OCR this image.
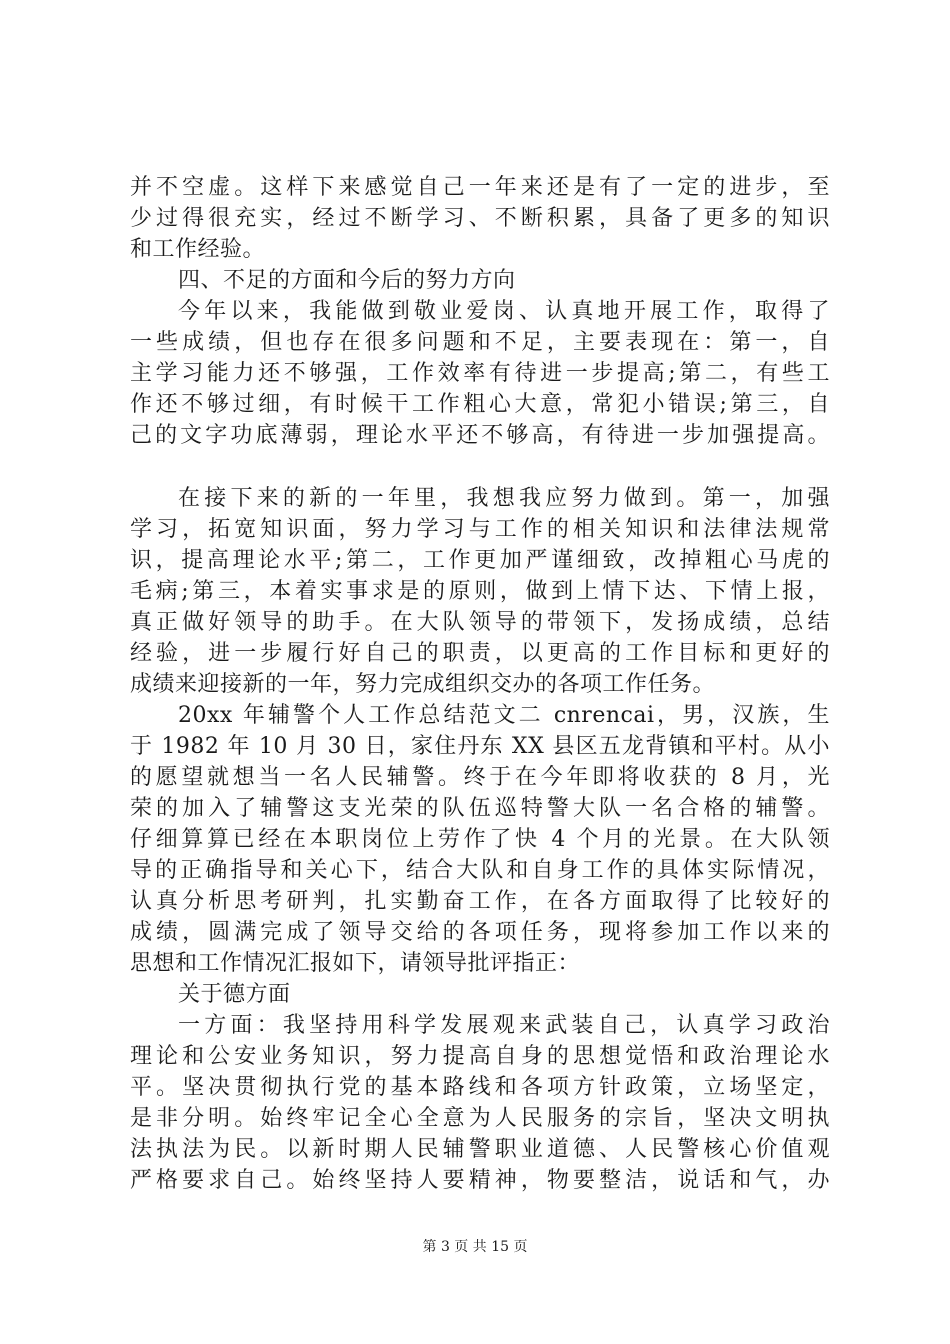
并不空虚。这样下来感觉自己一年来还是有了一定的进步，至
少过得很充实，经过不断学习、不断积累，具备了更多的知识
和工作经验。
四、不足的方面和今后的努力方向
今年以来，我能做到敬业爱岗、认真地开展工作，取得了
一些成绩，但也存在很多问题和不足，主要表现在：第一，自
主学习能力还不够强，工作效率有待进一步提高;第二，有些工
作还不够过细，有时候干工作粗心大意，常犯小错误;第三，自
己的文字功底薄弱，理论水平还不够高，有待进一步加强提高。
在接下来的新的一年里，我想我应努力做到。第一，加强
学习，拓宽知识面，努力学习与工作的相关知识和法律法规常
识，提高理论水平;第二，工作更加严谨细致，改掉粗心马虎的
毛病;第三，本着实事求是的原则，做到上情下达、下情上报，
真正做好领导的助手。在大队领导的带领下，发扬成绩，总结
经验，进一步履行好自己的职责，以更高的工作目标和更好的
成绩来迎接新的一年，努力完成组织交办的各项工作任务。
20xx 年辅警个人工作总结范文二 cnrencai，男，汉族，生
于 1982 年 10 月 30 日，家住丹东 XX 县区五龙背镇和平村。从小
的愿望就想当一名人民辅警。终于在今年即将收获的 8 月，光
荣的加入了辅警这支光荣的队伍巡特警大队一名合格的辅警。
仔细算算已经在本职岗位上劳作了快 4 个月的光景。在大队领
导的正确指导和关心下，结合大队和自身工作的具体实际情况，
认真分析思考研判，扎实勤奋工作，在各方面取得了比较好的
成绩，圆满完成了领导交给的各项任务，现将参加工作以来的
思想和工作情况汇报如下，请领导批评指正：
关于德方面
一方面：我坚持用科学发展观来武装自己，认真学习政治
理论和公安业务知识，努力提高自身的思想觉悟和政治理论水
平。坚决贯彻执行党的基本路线和各项方针政策，立场坚定，
是非分明。始终牢记全心全意为人民服务的宗旨，坚决文明执
法执法为民。以新时期人民辅警职业道德、人民警核心价值观
严格要求自己。始终坚持人要精神，物要整洁，说话和气，办
第 3 页 共 15 页
